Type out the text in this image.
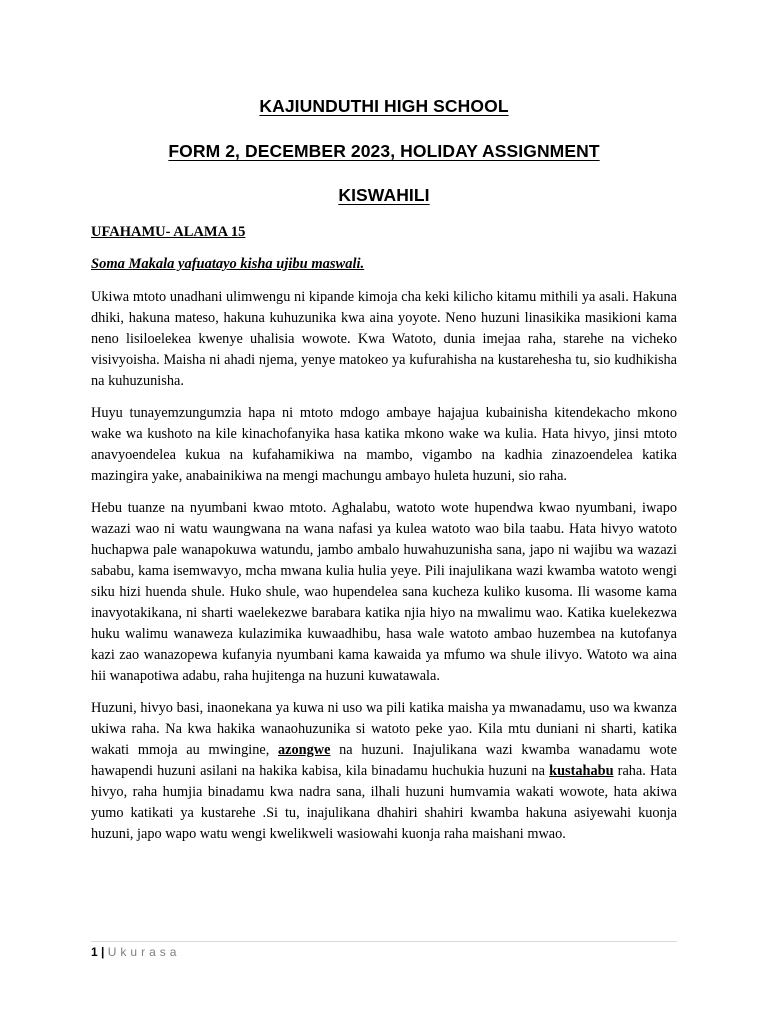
KAJIUNDUTHI HIGH SCHOOL
FORM 2, DECEMBER 2023, HOLIDAY ASSIGNMENT
KISWAHILI
UFAHAMU- ALAMA 15
Soma Makala yafuatayo kisha ujibu maswali.

Ukiwa mtoto unadhani ulimwengu ni kipande kimoja cha keki kilicho kitamu mithili ya asali. Hakuna dhiki, hakuna mateso, hakuna kuhuzunika kwa aina yoyote. Neno huzuni linasikika masikioni kama neno lisiloelekea kwenye uhalisia wowote. Kwa Watoto, dunia imejaa raha, starehe na vicheko visivyoisha. Maisha ni ahadi njema, yenye matokeo ya kufurahisha na kustarehesha tu, sio kudhikisha na kuhuzunisha.

Huyu tunayemzungumzia hapa ni mtoto mdogo ambaye hajajua kubainisha kitendekacho mkono wake wa kushoto na kile kinachofanyika hasa katika mkono wake wa kulia. Hata hivyo, jinsi mtoto anavyoendelea kukua na kufahamikiwa na mambo, vigambo na kadhia zinazoendelea katika mazingira yake, anabainikiwa na mengi machungu ambayo huleta huzuni, sio raha.

Hebu tuanze na nyumbani kwao mtoto. Aghalabu, watoto wote hupendwa kwao nyumbani, iwapo wazazi wao ni watu waungwana na wana nafasi ya kulea watoto wao bila taabu. Hata hivyo watoto huchapwa pale wanapokuwa watundu, jambo ambalo huwahuzunisha sana, japo ni wajibu wa wazazi sababu, kama isemwavyo, mcha mwana kulia hulia yeye. Pili inajulikana wazi kwamba watoto wengi siku hizi huenda shule. Huko shule, wao hupendelea sana kucheza kuliko kusoma. Ili wasome kama inavyotakikana, ni sharti waelekezwe barabara katika njia hiyo na mwalimu wao. Katika kuelekezwa huku walimu wanaweza kulazimika kuwaadhibu, hasa wale watoto ambao huzembea na kutofanya kazi zao wanazopewa kufanyia nyumbani kama kawaida ya mfumo wa shule ilivyo. Watoto wa aina hii wanapotiwa adabu, raha hujitenga na huzuni kuwatawala.

Huzuni, hivyo basi, inaonekana ya kuwa ni uso wa pili katika maisha ya mwanadamu, uso wa kwanza ukiwa raha. Na kwa hakika wanaohuzunika si watoto peke yao. Kila mtu duniani ni sharti, katika wakati mmoja au mwingine, azongwe na huzuni. Inajulikana wazi kwamba wanadamu wote hawapendi huzuni asilani na hakika kabisa, kila binadamu huchukia huzuni na kustahabu raha. Hata hivyo, raha humjia binadamu kwa nadra sana, ilhali huzuni humvamia wakati wowote, hata akiwa yumo katikati ya kustarehe .Si tu, inajulikana dhahiri shahiri kwamba hakuna asiyewahi kuonja huzuni, japo wapo watu wengi kwelikweli wasiowahi kuonja raha maishani mwao.

1 | Ukurasa
